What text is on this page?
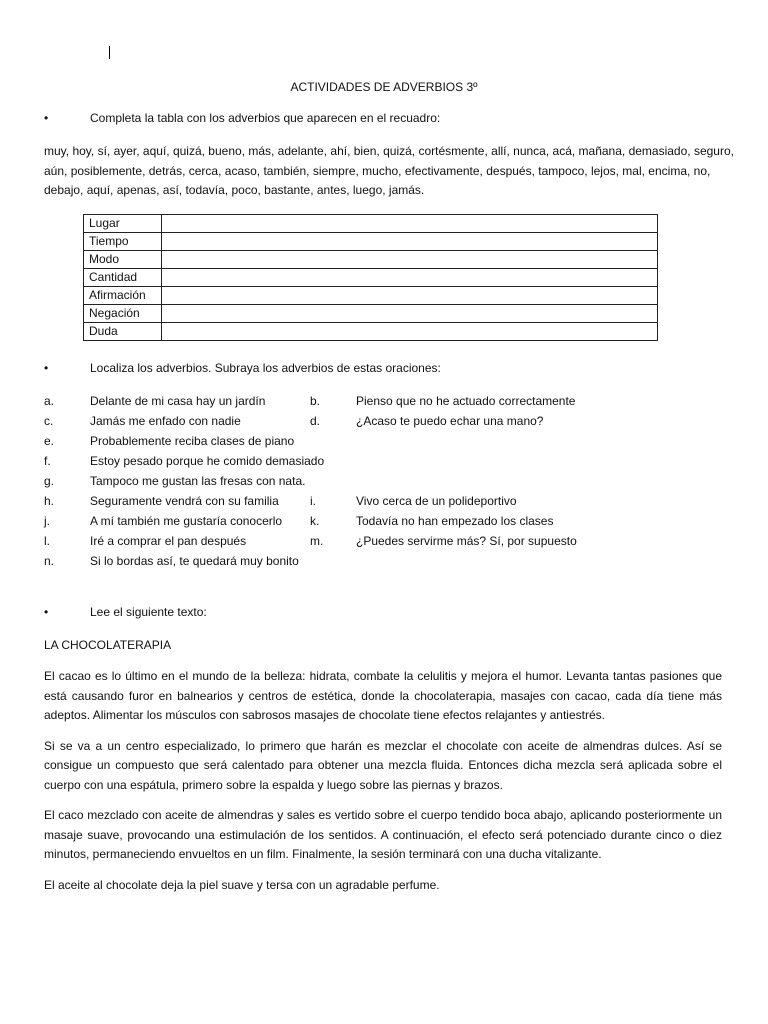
ACTIVIDADES DE ADVERBIOS 3º
•	Completa la tabla con los adverbios que aparecen en el recuadro:
muy, hoy, sí, ayer, aquí, quizá, bueno, más, adelante, ahí, bien, quizá, cortésmente, allí, nunca, acá, mañana, demasiado, seguro, aún, posiblemente, detrás, cerca, acaso, también, siempre, mucho, efectivamente, después, tampoco, lejos, mal, encima, no, debajo, aquí, apenas, así, todavía, poco, bastante, antes, luego, jamás.
Lugar	
Tiempo	
Modo	
Cantidad	
Afirmación	
Negación	
Duda	
•	Localiza los adverbios. Subraya los adverbios de estas oraciones:
a.	Delante de mi casa hay un jardín	b.	Pienso que no he actuado correctamente
c.	Jamás me enfado con nadie	d.	¿Acaso te puedo echar una mano?
e.	Probablemente reciba clases de piano
f.	Estoy pesado porque he comido demasiado
g.	Tampoco me gustan las fresas con nata.
h.	Seguramente vendrá con su familia	i.	Vivo cerca de un polideportivo
j.	A mí también me gustaría conocerlo	k.	Todavía no han empezado los clases
l.	Iré a comprar el pan después	m.	¿Puedes servirme más? Sí, por supuesto
n.	Si lo bordas así, te quedará muy bonito
•	Lee el siguiente texto:
LA CHOCOLATERAPIA

El cacao es lo último en el mundo de la belleza: hidrata, combate la celulitis y mejora el humor. Levanta tantas pasiones que está causando furor en balnearios y centros de estética, donde la chocolaterapia, masajes con cacao, cada día tiene más adeptos. Alimentar los músculos con sabrosos masajes de chocolate tiene efectos relajantes y antiestrés.

Si se va a un centro especializado, lo primero que harán es mezclar el chocolate con aceite de almendras dulces. Así se consigue un compuesto que será calentado para obtener una mezcla fluida. Entonces dicha mezcla será aplicada sobre el cuerpo con una espátula, primero sobre la espalda y luego sobre las piernas y brazos.

El caco mezclado con aceite de almendras y sales es vertido sobre el cuerpo tendido boca abajo, aplicando posteriormente un masaje suave, provocando una estimulación de los sentidos. A continuación, el efecto será potenciado durante cinco o diez minutos, permaneciendo envueltos en un film. Finalmente, la sesión terminará con una ducha vitalizante.

El aceite al chocolate deja la piel suave y tersa con un agradable perfume.
